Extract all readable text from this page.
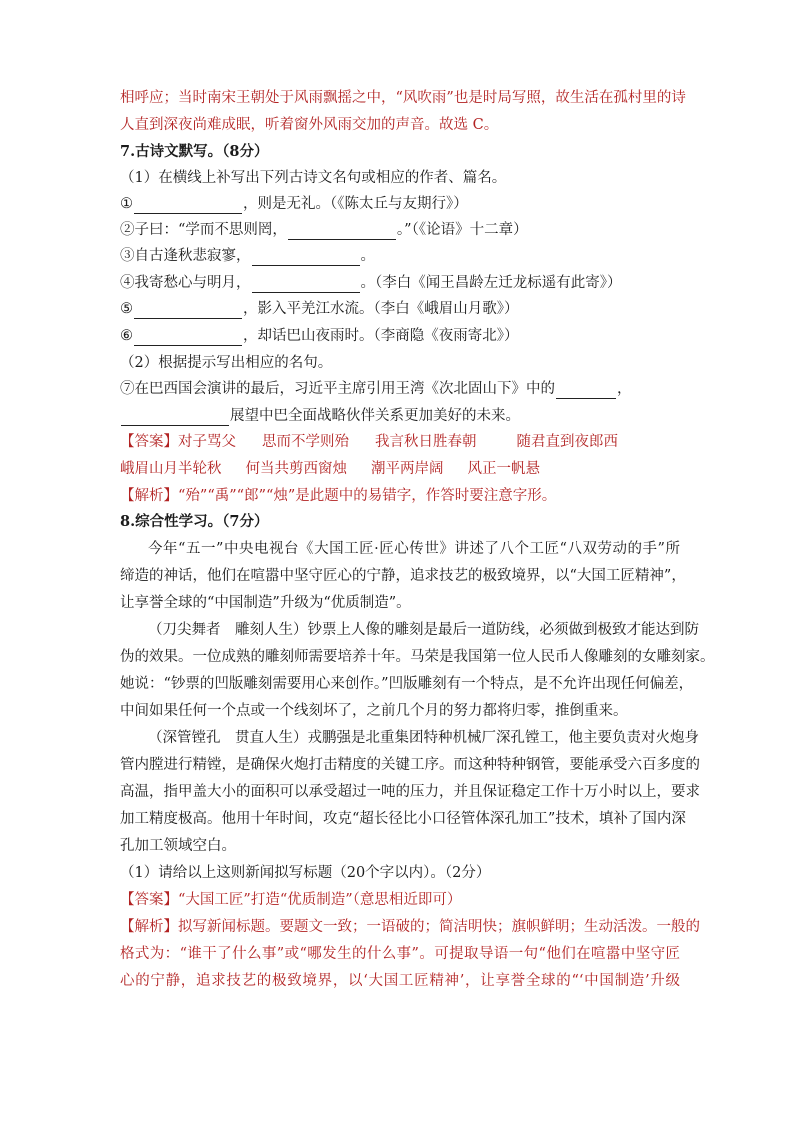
相呼应；当时南宋王朝处于风雨飘摇之中，“风吹雨”也是时局写照，故生活在孤村里的诗
人直到深夜尚难成眠，听着窗外风雨交加的声音。故选 C。
7.古诗文默写。（8分）
（1）在横线上补写出下列古诗文名句或相应的作者、篇名。
①	，则是无礼。（《陈太丘与友期行》）
②子曰：“学而不思则罔，	。”（《论语》十二章）
③自古逢秋悲寂寥，	。
④我寄愁心与明月，	。（李白《闻王昌龄左迁龙标遥有此寄》）
⑤	，影入平羌江水流。（李白《峨眉山月歌》）
⑥	，却话巴山夜雨时。（李商隐《夜雨寄北》）
（2）根据提示写出相应的名句。
⑦在巴西国会演讲的最后，习近平主席引用王湾《次北固山下》中的	，
展望中巴全面战略伙伴关系更加美好的未来。
【答案】对子骂父 思而不学则殆 我言秋日胜春朝	随君直到夜郎西
峨眉山月半轮秋 何当共剪西窗烛 潮平两岸阔 风正一帆悬
【解析】“殆”“禹”“郎”“烛”是此题中的易错字，作答时要注意字形。
8.综合性学习。（7分）
今年“五一”中央电视台《大国工匠·匠心传世》讲述了八个工匠“八双劳动的手”所
缔造的神话，他们在喧嚣中坚守匠心的宁静，追求技艺的极致境界，以“大国工匠精神”，
让享誉全球的“中国制造”升级为“优质制造”。
（刀尖舞者　雕刻人生）钞票上人像的雕刻是最后一道防线，必须做到极致才能达到防
伪的效果。一位成熟的雕刻师需要培养十年。马荣是我国第一位人民币人像雕刻的女雕刻家。
她说：“钞票的凹版雕刻需要用心来创作。”凹版雕刻有一个特点，是不允许出现任何偏差，
中间如果任何一个点或一个线刻坏了，之前几个月的努力都将归零，推倒重来。
（深管镗孔　贯直人生）戎鹏强是北重集团特种机械厂深孔镗工，他主要负责对火炮身
管内膛进行精镗，是确保火炮打击精度的关键工序。而这种特种钢管，要能承受六百多度的
高温，指甲盖大小的面积可以承受超过一吨的压力，并且保证稳定工作十万小时以上，要求
加工精度极高。他用十年时间，攻克“超长径比小口径管体深孔加工”技术，填补了国内深
孔加工领域空白。
（1）请给以上这则新闻拟写标题（20个字以内）。（2分）
【答案】“大国工匠”打造“优质制造”（意思相近即可）
【解析】拟写新闻标题。要题文一致；一语破的；简洁明快；旗帜鲜明；生动活泼。一般的
格式为：“谁干了什么事”或“哪发生的什么事”。可提取导语一句“他们在喧嚣中坚守匠
心的宁静，追求技艺的极致境界，以‘大国工匠精神’，让享誉全球的“‘中国制造’升级
